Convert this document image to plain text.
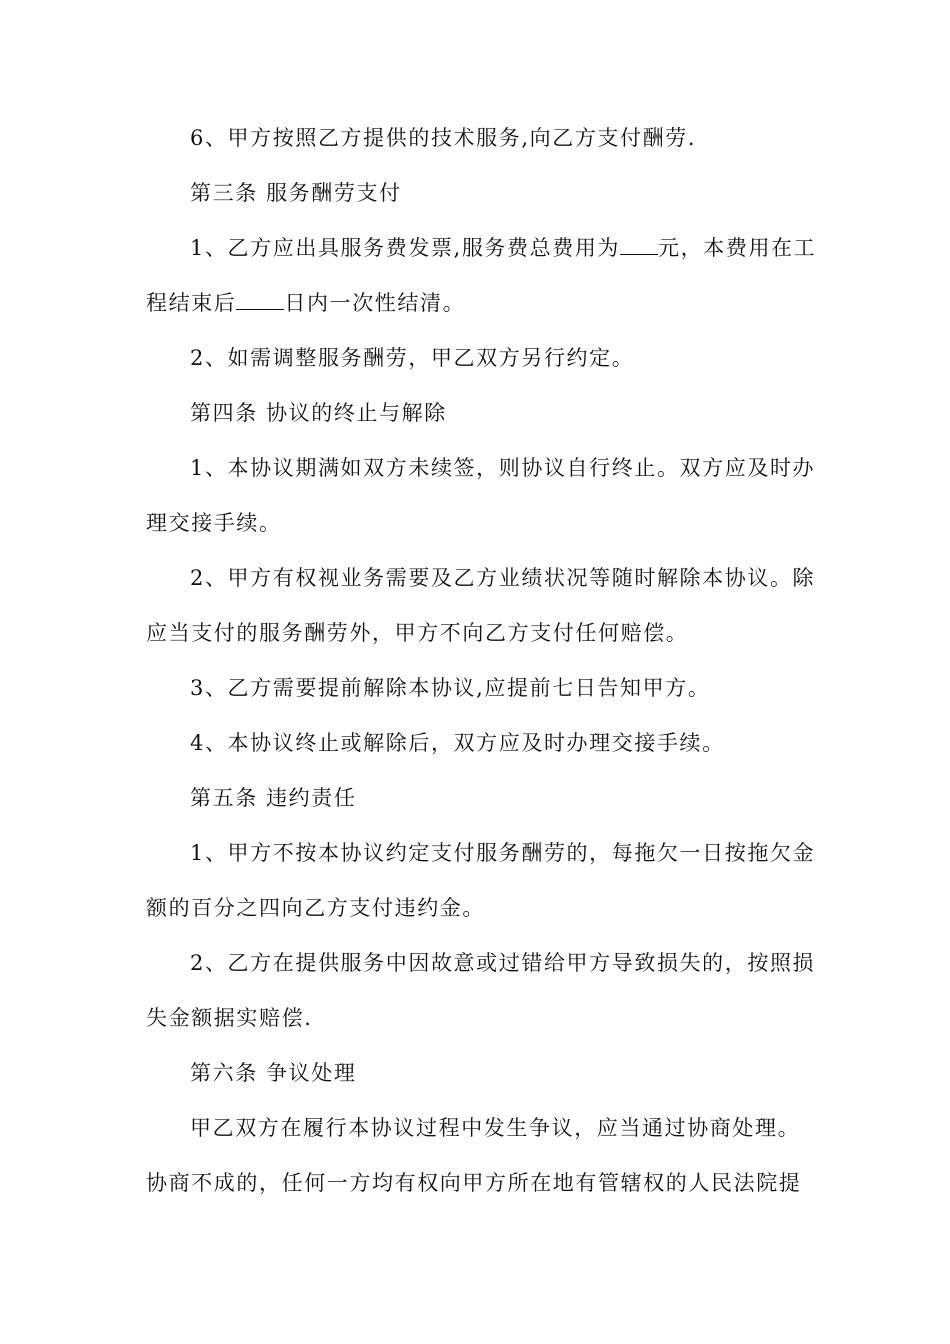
6、甲方按照乙方提供的技术服务,向乙方支付酬劳.
第三条 服务酬劳支付
1、乙方应出具服务费发票,服务费总费用为 元，本费用在工
程结束后 日内一次性结清。
2、如需调整服务酬劳，甲乙双方另行约定。
第四条 协议的终止与解除
1、本协议期满如双方未续签，则协议自行终止。双方应及时办
理交接手续。
2、甲方有权视业务需要及乙方业绩状况等随时解除本协议。除
应当支付的服务酬劳外，甲方不向乙方支付任何赔偿。
3、乙方需要提前解除本协议,应提前七日告知甲方。
4、本协议终止或解除后，双方应及时办理交接手续。
第五条 违约责任
1、甲方不按本协议约定支付服务酬劳的，每拖欠一日按拖欠金
额的百分之四向乙方支付违约金。
2、乙方在提供服务中因故意或过错给甲方导致损失的，按照损
失金额据实赔偿.
第六条 争议处理
甲乙双方在履行本协议过程中发生争议，应当通过协商处理。
协商不成的，任何一方均有权向甲方所在地有管辖权的人民法院提
